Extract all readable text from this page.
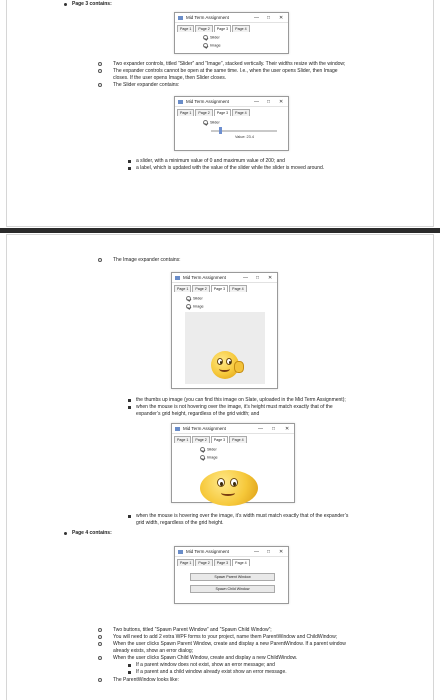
Page 3 contains:
Mid Term Assignment	— □ ✕
Page 1	Page 2	Page 3	Page 4
Slider
Image
Two expander controls, titled “Slider” and “Image”, stacked vertically. Their widths resize with the window;
The expander controls cannot be open at the same time. I.e., when the user opens Slider, then Image
closes. If the user opens Image, then Slider closes.
The Slider expander contains:
Mid Term Assignment	— □ ✕
Page 1	Page 2	Page 3	Page 4
Slider
Value: 23.4
a slider, with a minimum value of 0 and maximum value of 200; and
a label, which is updated with the value of the slider while the slider is moved around.
The Image expander contains:
Mid Term Assignment	— □ ✕
Page 1	Page 2	Page 3	Page 4
Slider
Image
the thumbs up image (you can find this image on Slate, uploaded in the Mid Term Assignment);
when the mouse is not hovering over the image, it’s height must match exactly that of the
expander’s grid height, regardless of the grid width; and
Mid Term Assignment	— □ ✕
Page 1	Page 2	Page 3	Page 4
Slider
Image
when the mouse is hovering over the image, it’s width must match exactly that of the expander’s
grid width, regardless of the grid height.
Page 4 contains:
Mid Term Assignment	— □ ✕
Page 1	Page 2	Page 3	Page 4
Spawn Parent Window
Spawn Child Window
Two buttons, titled “Spawn Parent Window” and “Spawn Child Window”;
You will need to add 2 extra WPF forms to your project, name them ParentWindow and ChildWindow;
When the user clicks Spawn Parent Window, create and display a new ParentWindow. If a parent window
already exists, show an error dialog;
When the user clicks Spawn Child Window, create and display a new ChildWindow.
If a parent window does not exist, show an error message; and
If a parent and a child window already exist show an error message.
The ParentWindow looks like:
